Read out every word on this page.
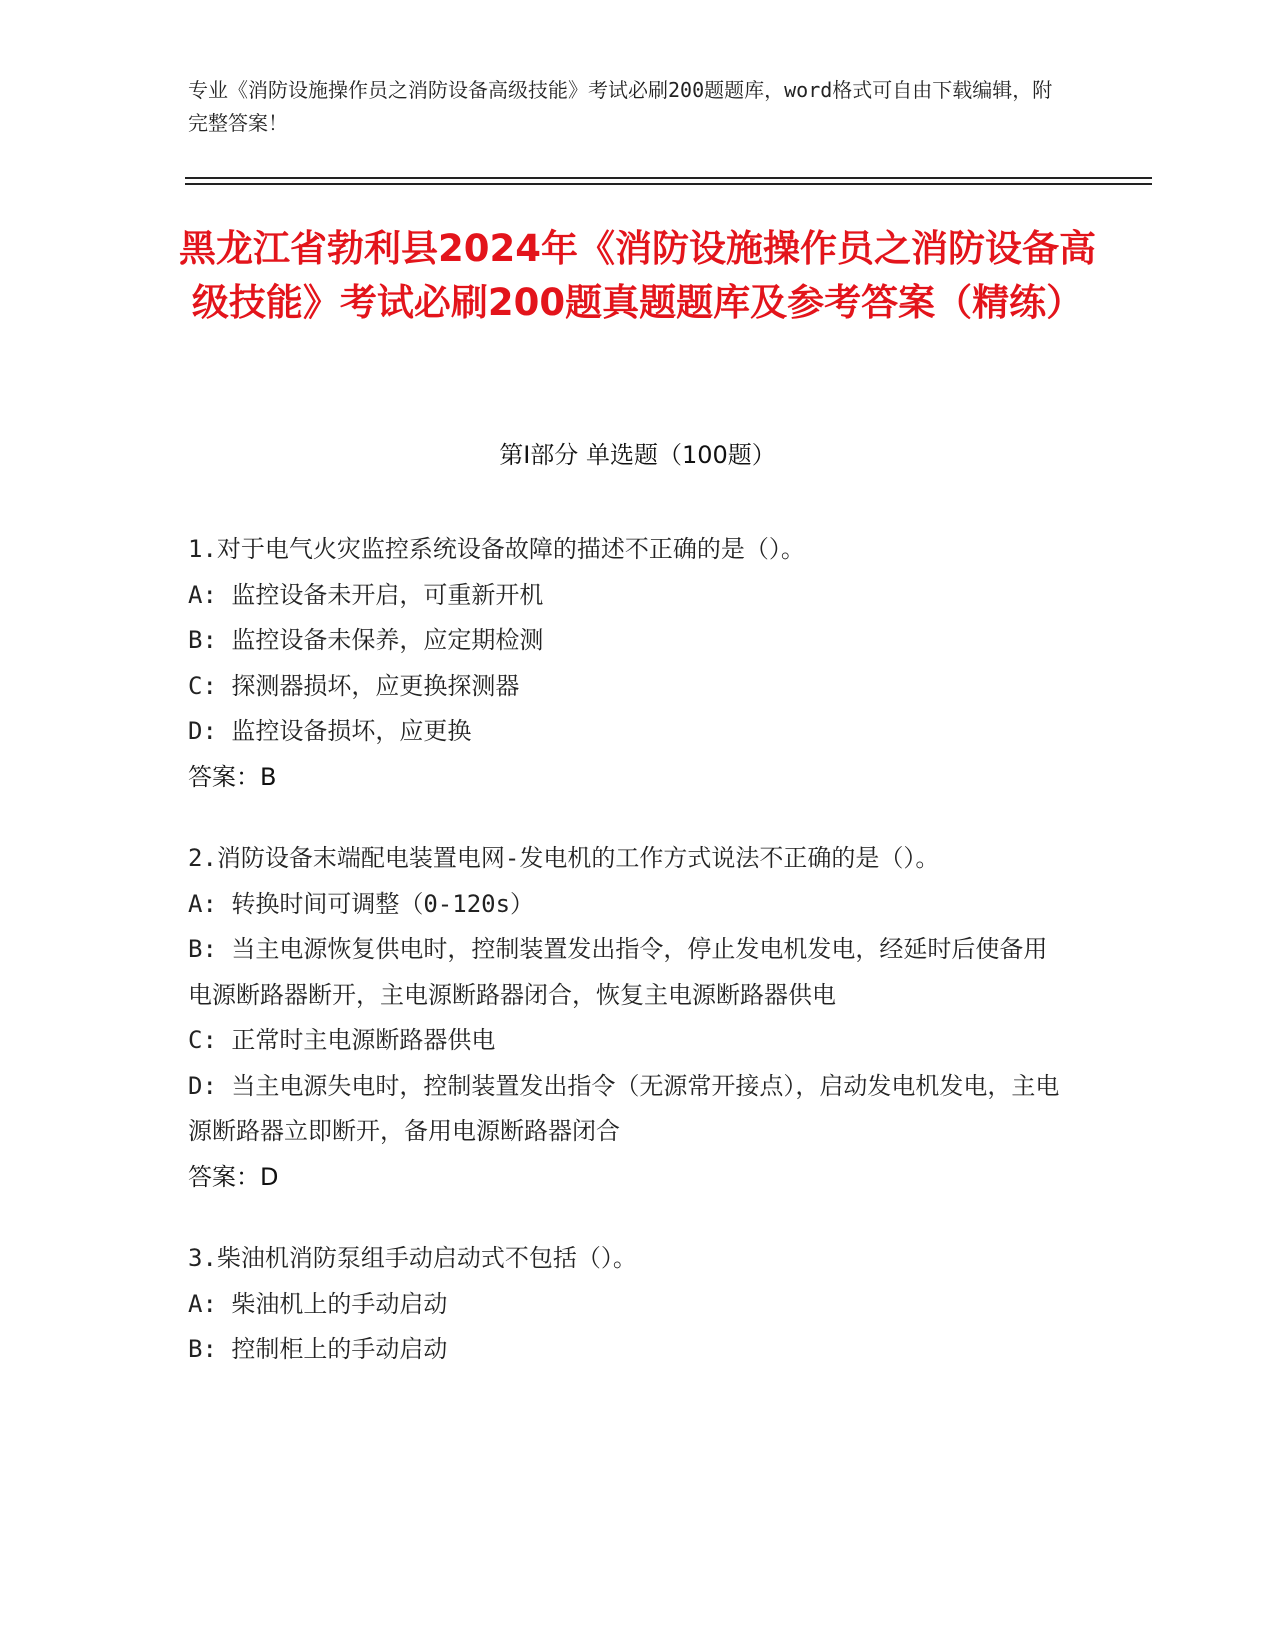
专业《消防设施操作员之消防设备高级技能》考试必刷200题题库，word格式可自由下载编辑，附完整答案！
黑龙江省勃利县2024年《消防设施操作员之消防设备高级技能》考试必刷200题真题题库及参考答案（精练）
第Ⅰ部分 单选题（100题）

1.对于电气火灾监控系统设备故障的描述不正确的是（）。

A: 监控设备未开启，可重新开机

B: 监控设备未保养，应定期检测

C: 探测器损坏，应更换探测器

D: 监控设备损坏，应更换

答案：B

2.消防设备末端配电装置电网-发电机的工作方式说法不正确的是（）。

A: 转换时间可调整（0-120s）

B: 当主电源恢复供电时，控制装置发出指令，停止发电机发电，经延时后使备用电源断路器断开，主电源断路器闭合，恢复主电源断路器供电

C: 正常时主电源断路器供电

D: 当主电源失电时，控制装置发出指令（无源常开接点），启动发电机发电，主电源断路器立即断开，备用电源断路器闭合

答案：D

3.柴油机消防泵组手动启动式不包括（）。

A: 柴油机上的手动启动

B: 控制柜上的手动启动
